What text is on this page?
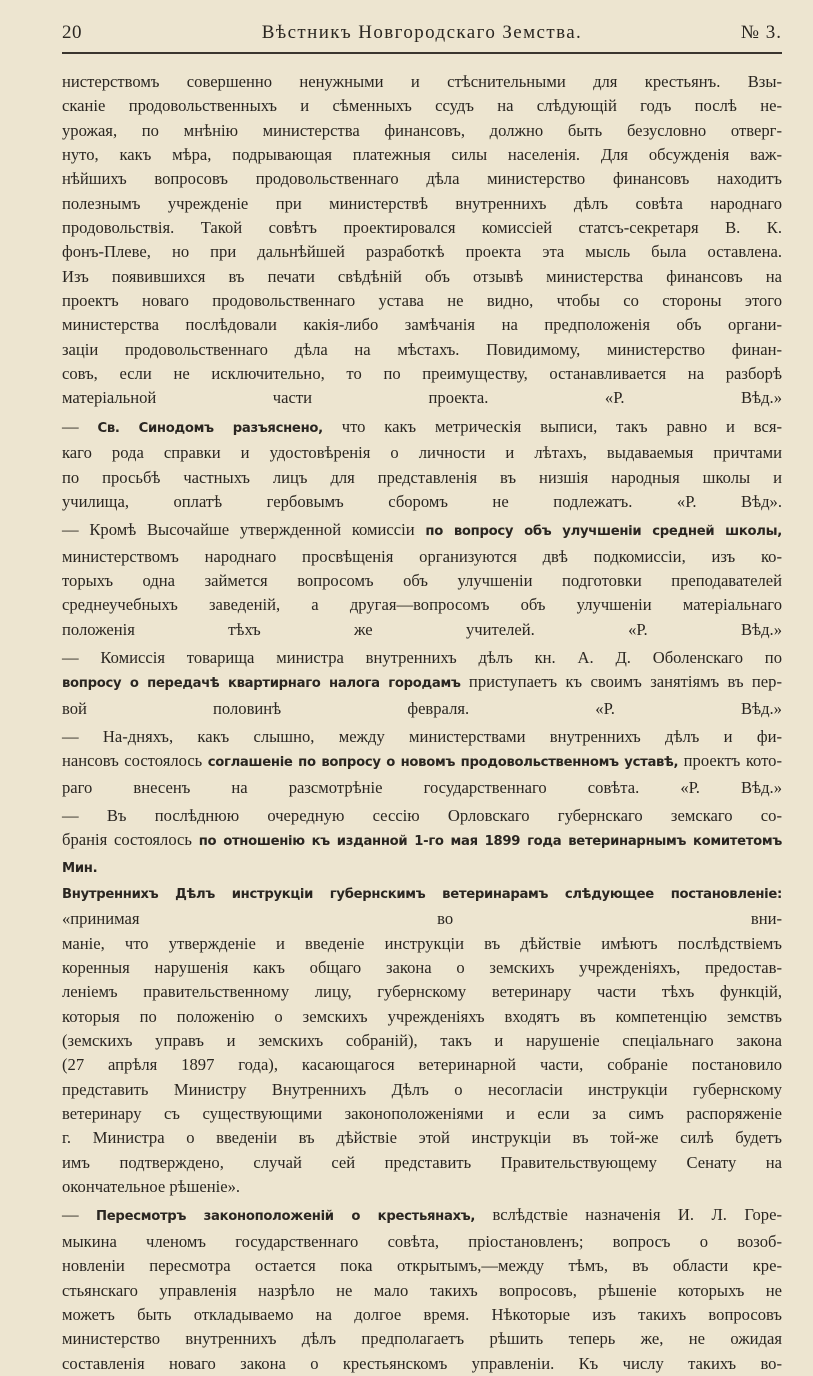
20	Вѣстникъ Новгородскаго Земства.	№ 3.
нистерствомъ совершенно ненужными и стѣснительными для крестьянъ. Взы-
сканіе продовольственныхъ и сѣменныхъ ссудъ на слѣдующій годъ послѣ не-
урожая, по мнѣнію министерства финансовъ, должно быть безусловно отверг-
нуто, какъ мѣра, подрывающая платежныя силы населенія. Для обсужденія важ-
нѣйшихъ вопросовъ продовольственнаго дѣла министерство финансовъ находитъ
полезнымъ учрежденіе при министерствѣ внутреннихъ дѣлъ совѣта народнаго
продовольствія. Такой совѣтъ проектировался комиссіей статсъ-секретаря В. К.
фонъ-Плеве, но при дальнѣйшей разработкѣ проекта эта мысль была оставлена.
Изъ появившихся въ печати свѣдѣній объ отзывѣ министерства финансовъ на
проектъ новаго продовольственнаго устава не видно, чтобы со стороны этого
министерства послѣдовали какія-либо замѣчанія на предположенія объ органи-
заціи продовольственнаго дѣла на мѣстахъ. Повидимому, министерство финан-
совъ, если не исключительно, то по преимуществу, останавливается на разборѣ
матеріальной части проекта.	«Р. Вѣд.»
— Св. Синодомъ разъяснено, что какъ метрическія выписи, такъ равно и вся-
каго рода справки и удостовѣренія о личности и лѣтахъ, выдаваемыя причтами
по просьбѣ частныхъ лицъ для представленія въ низшія народныя школы и
училища, оплатѣ гербовымъ сборомъ не подлежатъ.	«Р. Вѣд».
— Кромѣ Высочайше утвержденной комиссіи по вопросу объ улучшеніи средней школы,
министерствомъ народнаго просвѣщенія организуются двѣ подкомиссіи, изъ ко-
торыхъ одна займется вопросомъ объ улучшеніи подготовки преподавателей
среднеучебныхъ заведеній, а другая—вопросомъ объ улучшеніи матеріальнаго
положенія тѣхъ же учителей.	«Р. Вѣд.»
— Комиссія товарища министра внутреннихъ дѣлъ кн. А. Д. Оболенскаго по
вопросу о передачѣ квартирнаго налога городамъ приступаетъ къ своимъ занятіямъ въ пер-
вой половинѣ февраля.	«Р. Вѣд.»
— На-дняхъ, какъ слышно, между министерствами внутреннихъ дѣлъ и фи-
нансовъ состоялось соглашеніе по вопросу о новомъ продовольственномъ уставѣ, проектъ кото-
раго внесенъ на разсмотрѣніе государственнаго совѣта. «Р. Вѣд.»
— Въ послѣднюю очередную сессію Орловскаго губернскаго земскаго со-
бранія состоялось по отношенію къ изданной 1-го мая 1899 года ветеринарнымъ комитетомъ Мин.
Внутреннихъ Дѣлъ инструкціи губернскимъ ветеринарамъ слѣдующее постановленіе: «принимая во вни-
маніе, что утвержденіе и введеніе инструкціи въ дѣйствіе имѣютъ послѣдствіемъ
коренныя нарушенія какъ общаго закона о земскихъ учрежденіяхъ, предостав-
леніемъ правительственному лицу, губернскому ветеринару части тѣхъ функцій,
которыя по положенію о земскихъ учрежденіяхъ входятъ въ компетенцію земствъ
(земскихъ управъ и земскихъ собраній), такъ и нарушеніе спеціальнаго закона
(27 апрѣля 1897 года), касающагося ветеринарной части, собраніе постановило
представить Министру Внутреннихъ Дѣлъ о несогласіи инструкціи губернскому
ветеринару съ существующими законоположеніями и если за симъ распоряженіе
г. Министра о введеніи въ дѣйствіе этой инструкціи въ той-же силѣ будетъ
имъ подтверждено, случай сей представить Правительствующему Сенату на
окончательное рѣшеніе».
— Пересмотръ законоположеній о крестьянахъ, вслѣдствіе назначенія И. Л. Горе-
мыкина членомъ государственнаго совѣта, пріостановленъ; вопросъ о возоб-
новленіи пересмотра остается пока открытымъ,—между тѣмъ, въ области кре-
стьянскаго управленія назрѣло не мало такихъ вопросовъ, рѣшеніе которыхъ не
можетъ быть откладываемо на долгое время. Нѣкоторые изъ такихъ вопросовъ
министерство внутреннихъ дѣлъ предполагаетъ рѣшить теперь же, не ожидая
составленія новаго закона о крестьянскомъ управленіи. Къ числу такихъ во-
